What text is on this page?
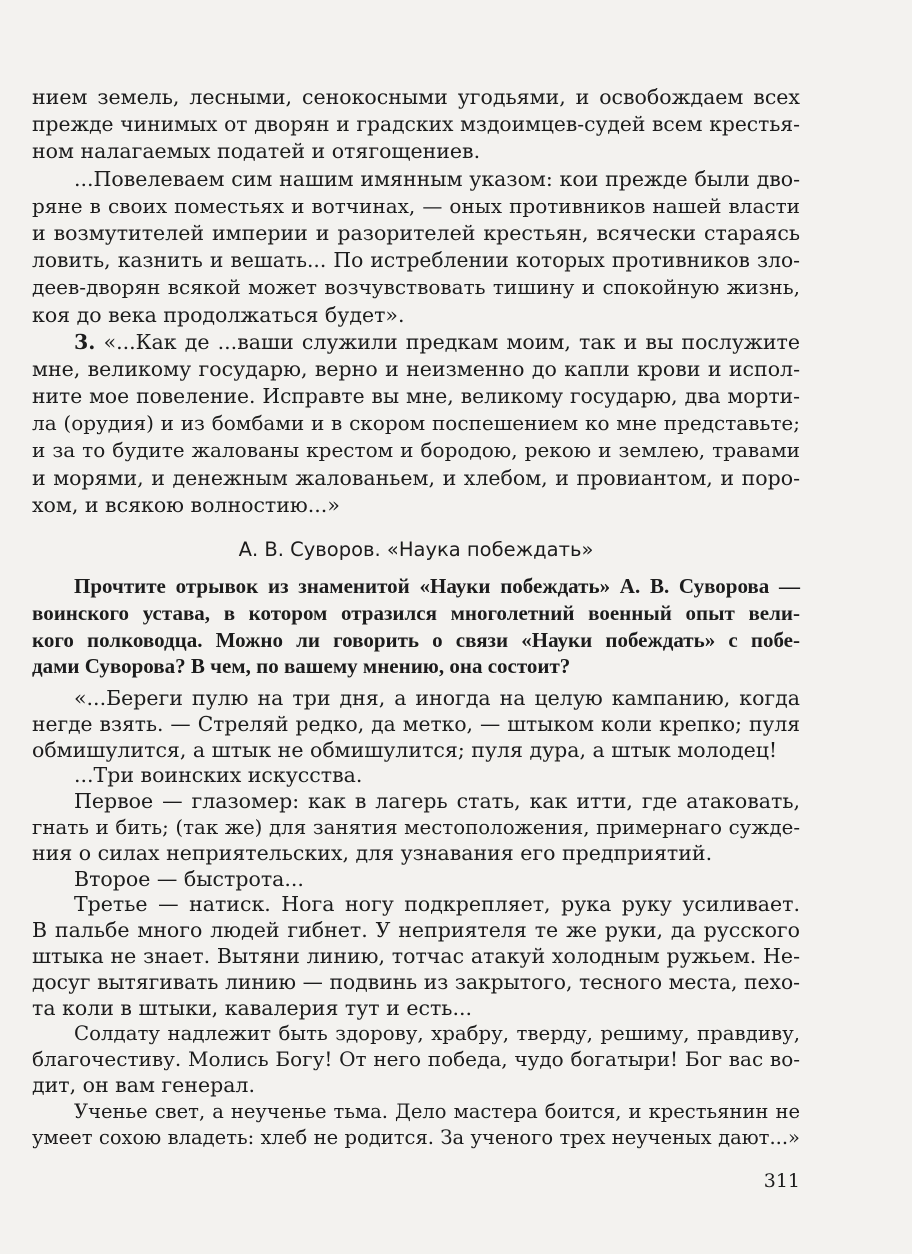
нием земель, лесными, сенокосными угодьями, и освобождаем всех
прежде чинимых от дворян и градских мздоимцев-судей всем крестья-
ном налагаемых податей и отягощениев.
...Повелеваем сим нашим имянным указом: кои прежде были дво-
ряне в своих поместьях и вотчинах, — оных противников нашей власти
и возмутителей империи и разорителей крестьян, всячески стараясь
ловить, казнить и вешать... По истреблении которых противников зло-
деев-дворян всякой может возчувствовать тишину и спокойную жизнь,
коя до века продолжаться будет».
3. «...Как де ...ваши служили предкам моим, так и вы послужите
мне, великому государю, верно и неизменно до капли крови и испол-
ните мое повеление. Исправте вы мне, великому государю, два морти-
ла (орудия) и из бомбами и в скором поспешением ко мне представьте;
и за то будите жалованы крестом и бородою, рекою и землею, травами
и морями, и денежным жалованьем, и хлебом, и провиантом, и поро-
хом, и всякою волностию...»
А. В. Суворов. «Наука побеждать»
Прочтите отрывок из знаменитой «Науки побеждать» А. В. Суворова —
воинского устава, в котором отразился многолетний военный опыт вели-
кого полководца. Можно ли говорить о связи «Науки побеждать» с побе-
дами Суворова? В чем, по вашему мнению, она состоит?
«...Береги пулю на три дня, а иногда на целую кампанию, когда
негде взять. — Стреляй редко, да метко, — штыком коли крепко; пуля
обмишулится, а штык не обмишулится; пуля дура, а штык молодец!
...Три воинских искусства.
Первое — глазомер: как в лагерь стать, как итти, где атаковать,
гнать и бить; (так же) для занятия местоположения, примернаго сужде-
ния о силах неприятельских, для узнавания его предприятий.
Второе — быстрота...
Третье — натиск. Нога ногу подкрепляет, рука руку усиливает.
В пальбе много людей гибнет. У неприятеля те же руки, да русского
штыка не знает. Вытяни линию, тотчас атакуй холодным ружьем. Не-
досуг вытягивать линию — подвинь из закрытого, тесного места, пехо-
та коли в штыки, кавалерия тут и есть...
Солдату надлежит быть здорову, храбру, тверду, решиму, правдиву,
благочестиву. Молись Богу! От него победа, чудо богатыри! Бог вас во-
дит, он вам генерал.
Ученье свет, а неученье тьма. Дело мастера боится, и крестьянин не
умеет сохою владеть: хлеб не родится. За ученого трех неученых дают...»
311
